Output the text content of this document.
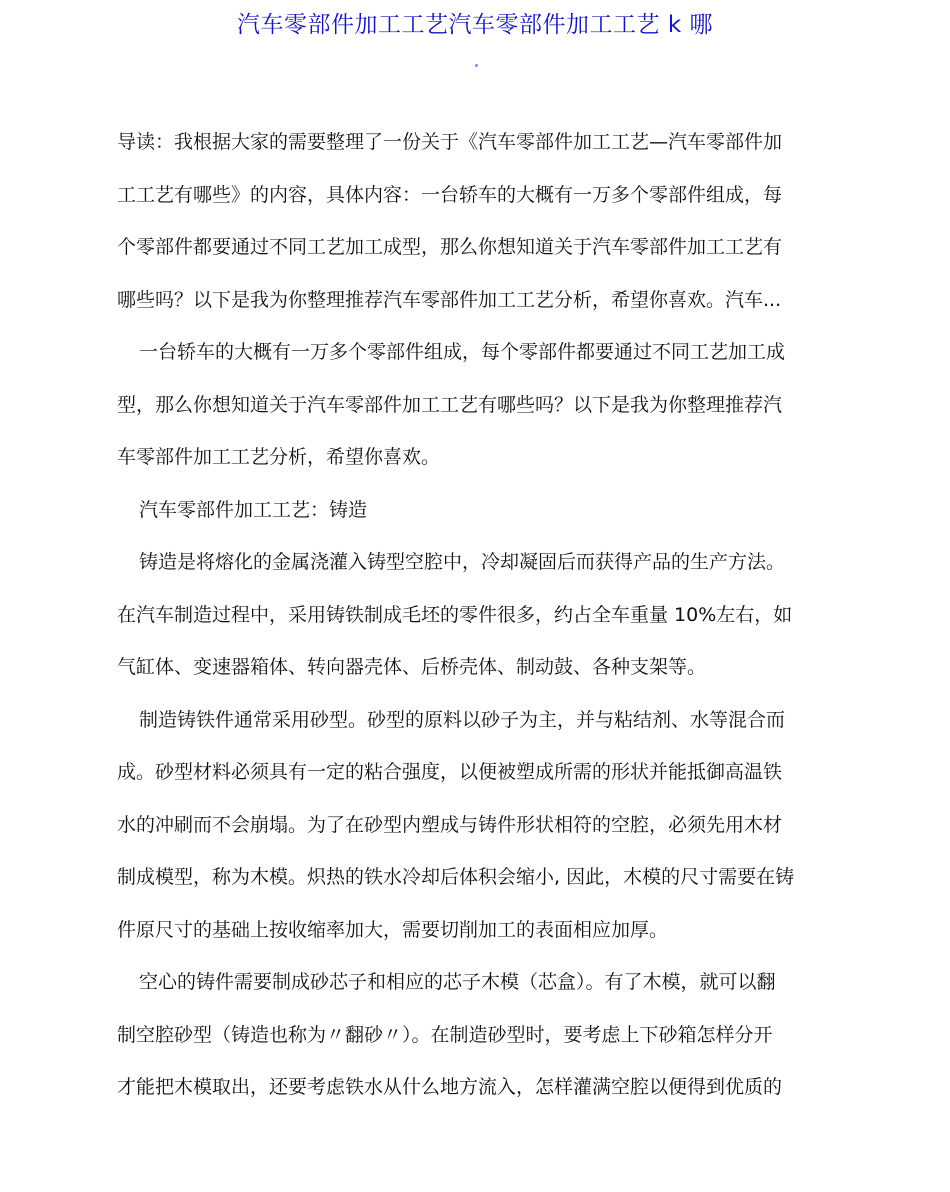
汽车零部件加工工艺汽车零部件加工工艺 k 哪
导读：我根据大家的需要整理了一份关于《汽车零部件加工工艺—汽车零部件加
工工艺有哪些》的内容，具体内容：一台轿车的大概有一万多个零部件组成，每
个零部件都要通过不同工艺加工成型，那么你想知道关于汽车零部件加工工艺有
哪些吗？以下是我为你整理推荐汽车零部件加工工艺分析，希望你喜欢。汽车...
一台轿车的大概有一万多个零部件组成，每个零部件都要通过不同工艺加工成
型，那么你想知道关于汽车零部件加工工艺有哪些吗？以下是我为你整理推荐汽
车零部件加工工艺分析，希望你喜欢。
汽车零部件加工工艺：铸造
铸造是将熔化的金属浇灌入铸型空腔中，冷却凝固后而获得产品的生产方法。
在汽车制造过程中，采用铸铁制成毛坯的零件很多，约占全车重量 10%左右，如
气缸体、变速器箱体、转向器壳体、后桥壳体、制动鼓、各种支架等。
制造铸铁件通常采用砂型。砂型的原料以砂子为主，并与粘结剂、水等混合而
成。砂型材料必须具有一定的粘合强度，以便被塑成所需的形状并能抵御高温铁
水的冲刷而不会崩塌。为了在砂型内塑成与铸件形状相符的空腔，必须先用木材
制成模型，称为木模。炽热的铁水冷却后体积会缩小, 因此，木模的尺寸需要在铸
件原尺寸的基础上按收缩率加大，需要切削加工的表面相应加厚。
空心的铸件需要制成砂芯子和相应的芯子木模（芯盒）。有了木模，就可以翻
制空腔砂型（铸造也称为〃翻砂〃）。在制造砂型时，要考虑上下砂箱怎样分开
才能把木模取出，还要考虑铁水从什么地方流入，怎样灌满空腔以便得到优质的
